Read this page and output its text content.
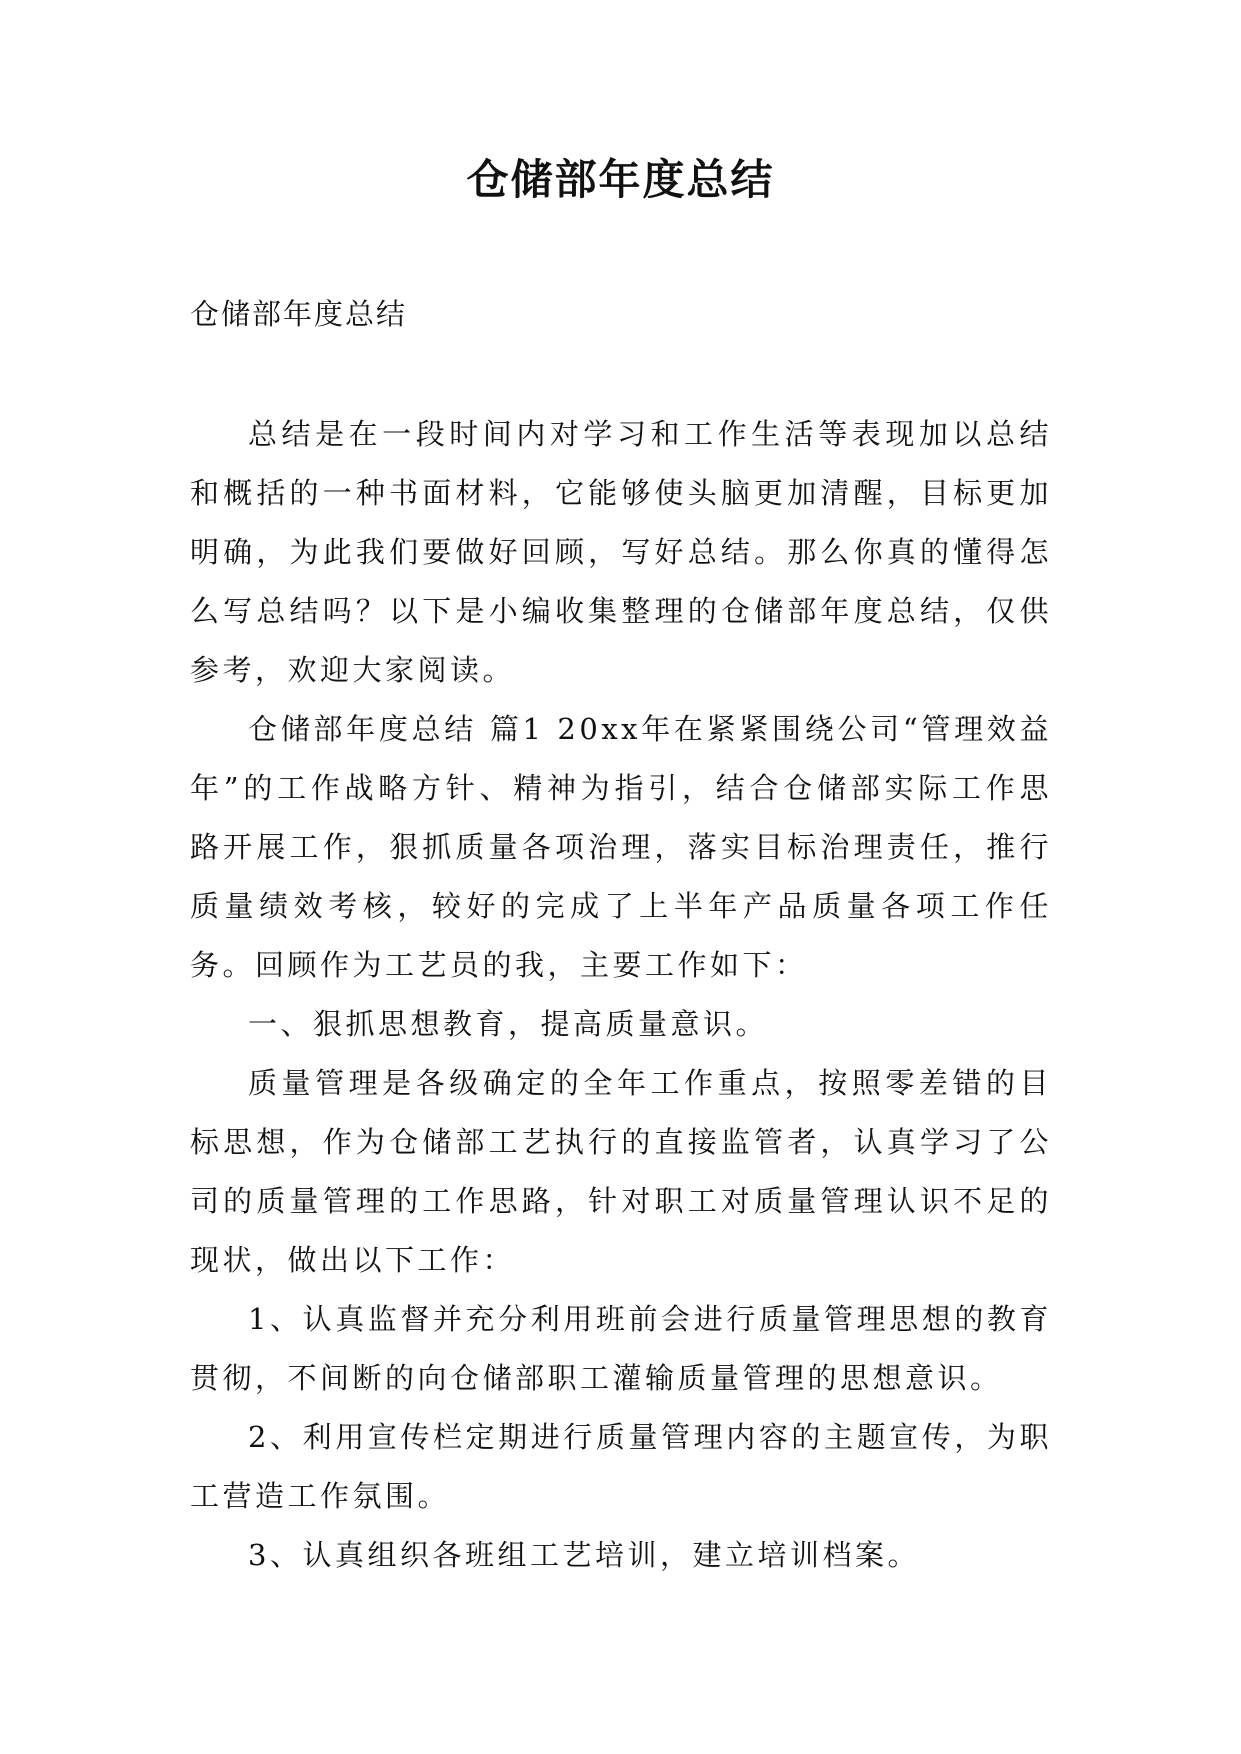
仓储部年度总结

仓储部年度总结

总结是在一段时间内对学习和工作生活等表现加以总结和概括的一种书面材料，它能够使头脑更加清醒，目标更加明确，为此我们要做好回顾，写好总结。那么你真的懂得怎么写总结吗？以下是小编收集整理的仓储部年度总结，仅供参考，欢迎大家阅读。

仓储部年度总结 篇1 20xx年在紧紧围绕公司“管理效益年”的工作战略方针、精神为指引，结合仓储部实际工作思路开展工作，狠抓质量各项治理，落实目标治理责任，推行质量绩效考核，较好的完成了上半年产品质量各项工作任务。回顾作为工艺员的我，主要工作如下：

一、狠抓思想教育，提高质量意识。

质量管理是各级确定的全年工作重点，按照零差错的目标思想，作为仓储部工艺执行的直接监管者，认真学习了公司的质量管理的工作思路，针对职工对质量管理认识不足的现状，做出以下工作：

1、认真监督并充分利用班前会进行质量管理思想的教育贯彻，不间断的向仓储部职工灌输质量管理的思想意识。

2、利用宣传栏定期进行质量管理内容的主题宣传，为职工营造工作氛围。

3、认真组织各班组工艺培训，建立培训档案。
